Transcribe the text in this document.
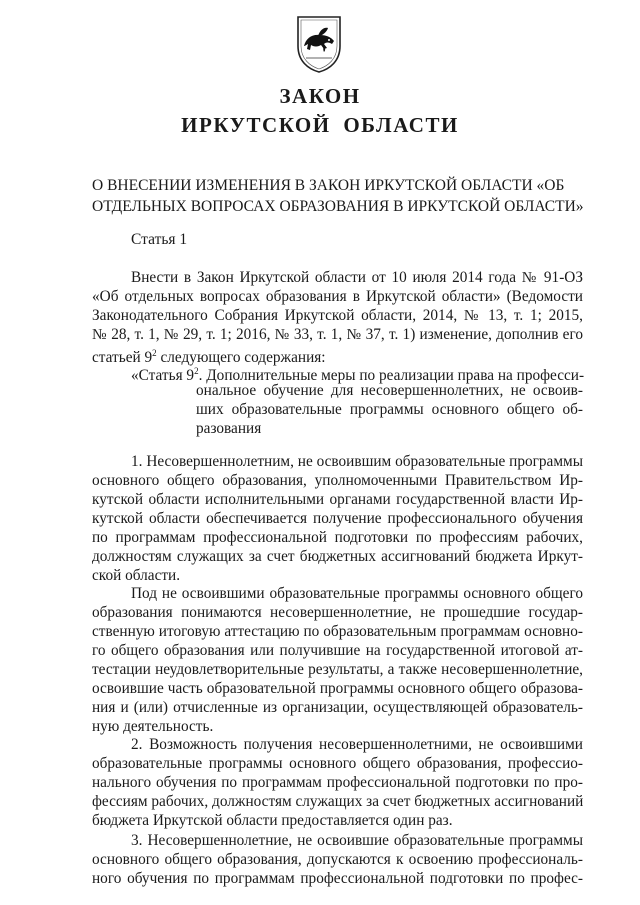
ЗАКОН
ИРКУТСКОЙ ОБЛАСТИ
О ВНЕСЕНИИ ИЗМЕНЕНИЯ В ЗАКОН ИРКУТСКОЙ ОБЛАСТИ «ОБ
ОТДЕЛЬНЫХ ВОПРОСАХ ОБРАЗОВАНИЯ В ИРКУТСКОЙ ОБЛАСТИ»
Статья 1
Внести в Закон Иркутской области от 10 июля 2014 года № 91-ОЗ
«Об отдельных вопросах образования в Иркутской области» (Ведомости
Законодательного Собрания Иркутской области, 2014, № 13, т. 1; 2015,
№ 28, т. 1, № 29, т. 1; 2016, № 33, т. 1, № 37, т. 1) изменение, дополнив его
статьей $9^2$ следующего содержания:
«Статья $9^2$. Дополнительные меры по реализации права на професси-
ональное обучение для несовершеннолетних, не освоив-
ших образовательные программы основного общего об-
разования
1. Несовершеннолетним, не освоившим образовательные программы
основного общего образования, уполномоченными Правительством Ир-
кутской области исполнительными органами государственной власти Ир-
кутской области обеспечивается получение профессионального обучения
по программам профессиональной подготовки по профессиям рабочих,
должностям служащих за счет бюджетных ассигнований бюджета Иркут-
ской области.
Под не освоившими образовательные программы основного общего
образования понимаются несовершеннолетние, не прошедшие государ-
ственную итоговую аттестацию по образовательным программам основно-
го общего образования или получившие на государственной итоговой ат-
тестации неудовлетворительные результаты, а также несовершеннолетние,
освоившие часть образовательной программы основного общего образова-
ния и (или) отчисленные из организации, осуществляющей образователь-
ную деятельность.
2. Возможность получения несовершеннолетними, не освоившими
образовательные программы основного общего образования, профессио-
нального обучения по программам профессиональной подготовки по про-
фессиям рабочих, должностям служащих за счет бюджетных ассигнований
бюджета Иркутской области предоставляется один раз.
3. Несовершеннолетние, не освоившие образовательные программы
основного общего образования, допускаются к освоению профессиональ-
ного обучения по программам профессиональной подготовки по профес-
